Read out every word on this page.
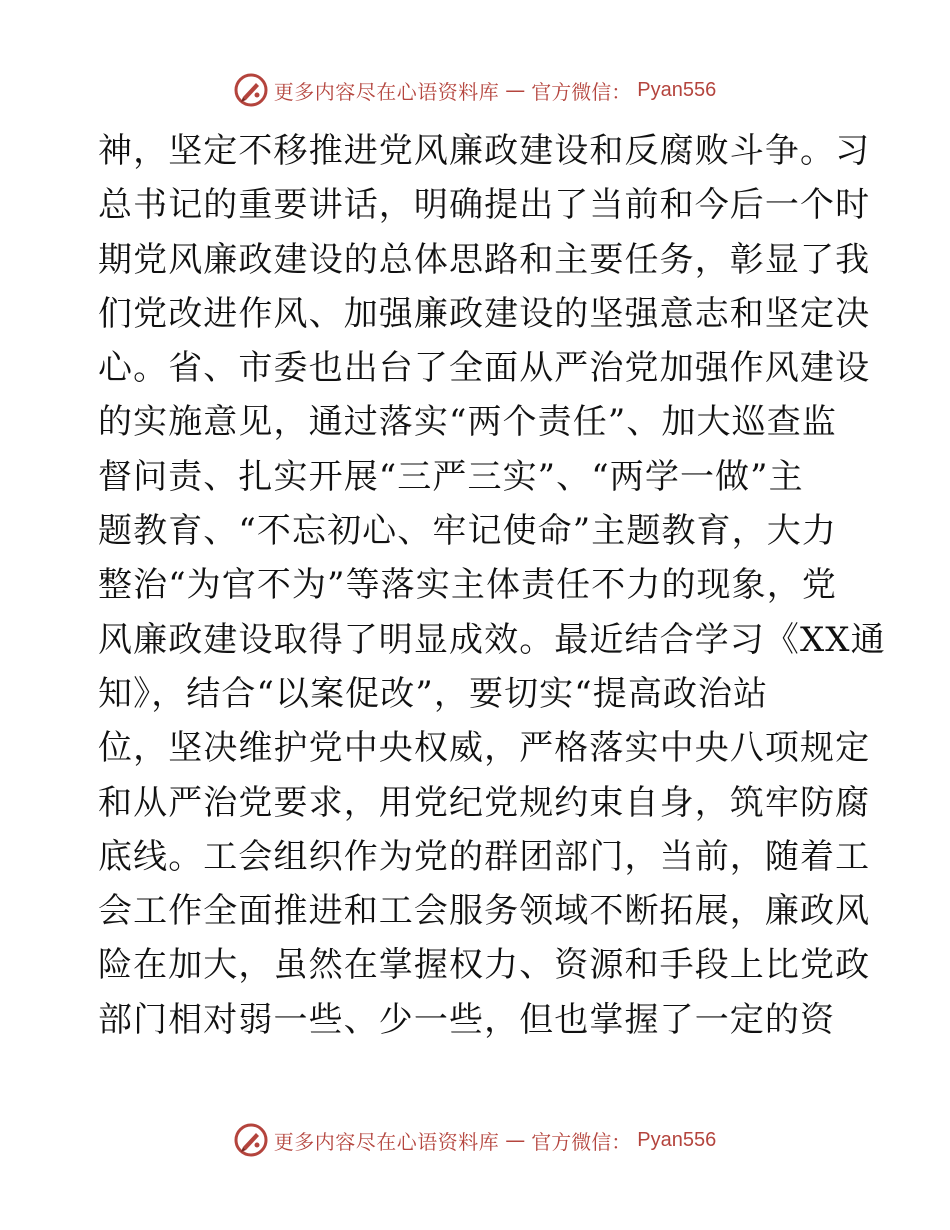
更多内容尽在心语资料库 — 官方微信： Pyan556
神，坚定不移推进党风廉政建设和反腐败斗争。习
总书记的重要讲话，明确提出了当前和今后一个时
期党风廉政建设的总体思路和主要任务，彰显了我
们党改进作风、加强廉政建设的坚强意志和坚定决
心。省、市委也出台了全面从严治党加强作风建设
的实施意见，通过落实“两个责任”、加大巡查监
督问责、扎实开展“三严三实”、“两学一做”主
题教育、“不忘初心、牢记使命”主题教育，大力
整治“为官不为”等落实主体责任不力的现象，党
风廉政建设取得了明显成效。最近结合学习《XX通
知》，结合“以案促改”，要切实“提高政治站
位，坚决维护党中央权威，严格落实中央八项规定
和从严治党要求，用党纪党规约束自身，筑牢防腐
底线。工会组织作为党的群团部门，当前，随着工
会工作全面推进和工会服务领域不断拓展，廉政风
险在加大，虽然在掌握权力、资源和手段上比党政
部门相对弱一些、少一些，但也掌握了一定的资
更多内容尽在心语资料库 — 官方微信： Pyan556
